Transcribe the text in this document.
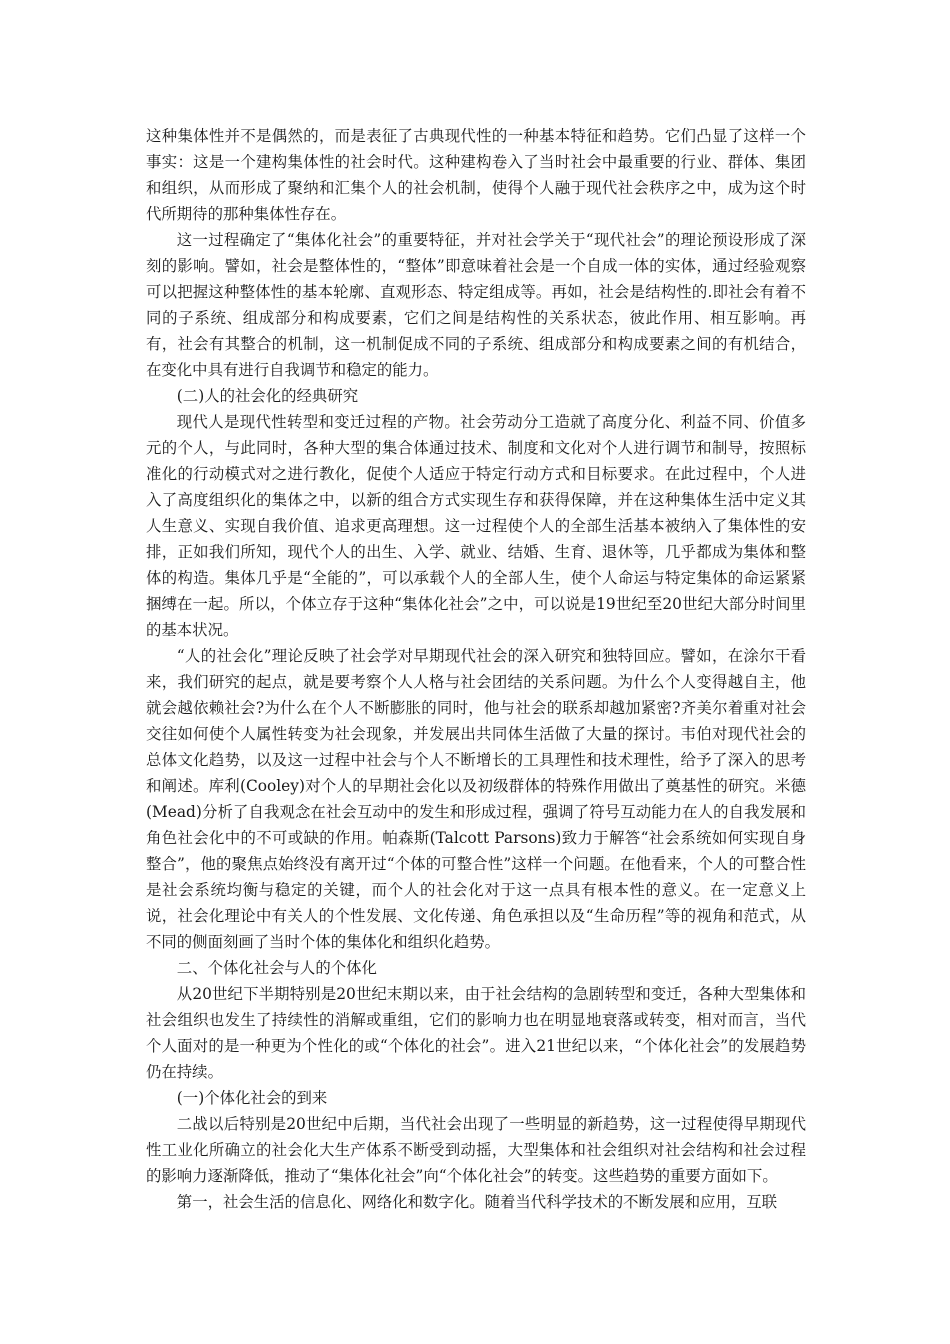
这种集体性并不是偶然的，而是表征了古典现代性的一种基本特征和趋势。它们凸显了这样一个事实：这是一个建构集体性的社会时代。这种建构卷入了当时社会中最重要的行业、群体、集团和组织，从而形成了聚纳和汇集个人的社会机制，使得个人融于现代社会秩序之中，成为这个时代所期待的那种集体性存在。

这一过程确定了“集体化社会”的重要特征，并对社会学关于“现代社会”的理论预设形成了深刻的影响。譬如，社会是整体性的，“整体”即意味着社会是一个自成一体的实体，通过经验观察可以把握这种整体性的基本轮廓、直观形态、特定组成等。再如，社会是结构性的.即社会有着不同的子系统、组成部分和构成要素，它们之间是结构性的关系状态，彼此作用、相互影响。再有，社会有其整合的机制，这一机制促成不同的子系统、组成部分和构成要素之间的有机结合，在变化中具有进行自我调节和稳定的能力。

(二)人的社会化的经典研究

现代人是现代性转型和变迁过程的产物。社会劳动分工造就了高度分化、利益不同、价值多元的个人，与此同时，各种大型的集合体通过技术、制度和文化对个人进行调节和制导，按照标准化的行动模式对之进行教化，促使个人适应于特定行动方式和目标要求。在此过程中，个人进入了高度组织化的集体之中，以新的组合方式实现生存和获得保障，并在这种集体生活中定义其人生意义、实现自我价值、追求更高理想。这一过程使个人的全部生活基本被纳入了集体性的安排，正如我们所知，现代个人的出生、入学、就业、结婚、生育、退休等，几乎都成为集体和整体的构造。集体几乎是“全能的”，可以承载个人的全部人生，使个人命运与特定集体的命运紧紧捆缚在一起。所以，个体立存于这种“集体化社会”之中，可以说是19世纪至20世纪大部分时间里的基本状况。

“人的社会化”理论反映了社会学对早期现代社会的深入研究和独特回应。譬如，在涂尔干看来，我们研究的起点，就是要考察个人人格与社会团结的关系问题。为什么个人变得越自主，他就会越依赖社会?为什么在个人不断膨胀的同时，他与社会的联系却越加紧密?齐美尔着重对社会交往如何使个人属性转变为社会现象，并发展出共同体生活做了大量的探讨。韦伯对现代社会的总体文化趋势，以及这一过程中社会与个人不断增长的工具理性和技术理性，给予了深入的思考和阐述。库利(Cooley)对个人的早期社会化以及初级群体的特殊作用做出了奠基性的研究。米德(Mead)分析了自我观念在社会互动中的发生和形成过程，强调了符号互动能力在人的自我发展和角色社会化中的不可或缺的作用。帕森斯(Talcott Parsons)致力于解答“社会系统如何实现自身整合”，他的聚焦点始终没有离开过“个体的可整合性”这样一个问题。在他看来，个人的可整合性是社会系统均衡与稳定的关键，而个人的社会化对于这一点具有根本性的意义。在一定意义上说，社会化理论中有关人的个性发展、文化传递、角色承担以及“生命历程”等的视角和范式，从不同的侧面刻画了当时个体的集体化和组织化趋势。

二、个体化社会与人的个体化

从20世纪下半期特别是20世纪末期以来，由于社会结构的急剧转型和变迁，各种大型集体和社会组织也发生了持续性的消解或重组，它们的影响力也在明显地衰落或转变，相对而言，当代个人面对的是一种更为个性化的或“个体化的社会”。进入21世纪以来，“个体化社会”的发展趋势仍在持续。

(一)个体化社会的到来

二战以后特别是20世纪中后期，当代社会出现了一些明显的新趋势，这一过程使得早期现代性工业化所确立的社会化大生产体系不断受到动摇，大型集体和社会组织对社会结构和社会过程的影响力逐渐降低，推动了“集体化社会”向“个体化社会”的转变。这些趋势的重要方面如下。

第一，社会生活的信息化、网络化和数字化。随着当代科学技术的不断发展和应用，互联
